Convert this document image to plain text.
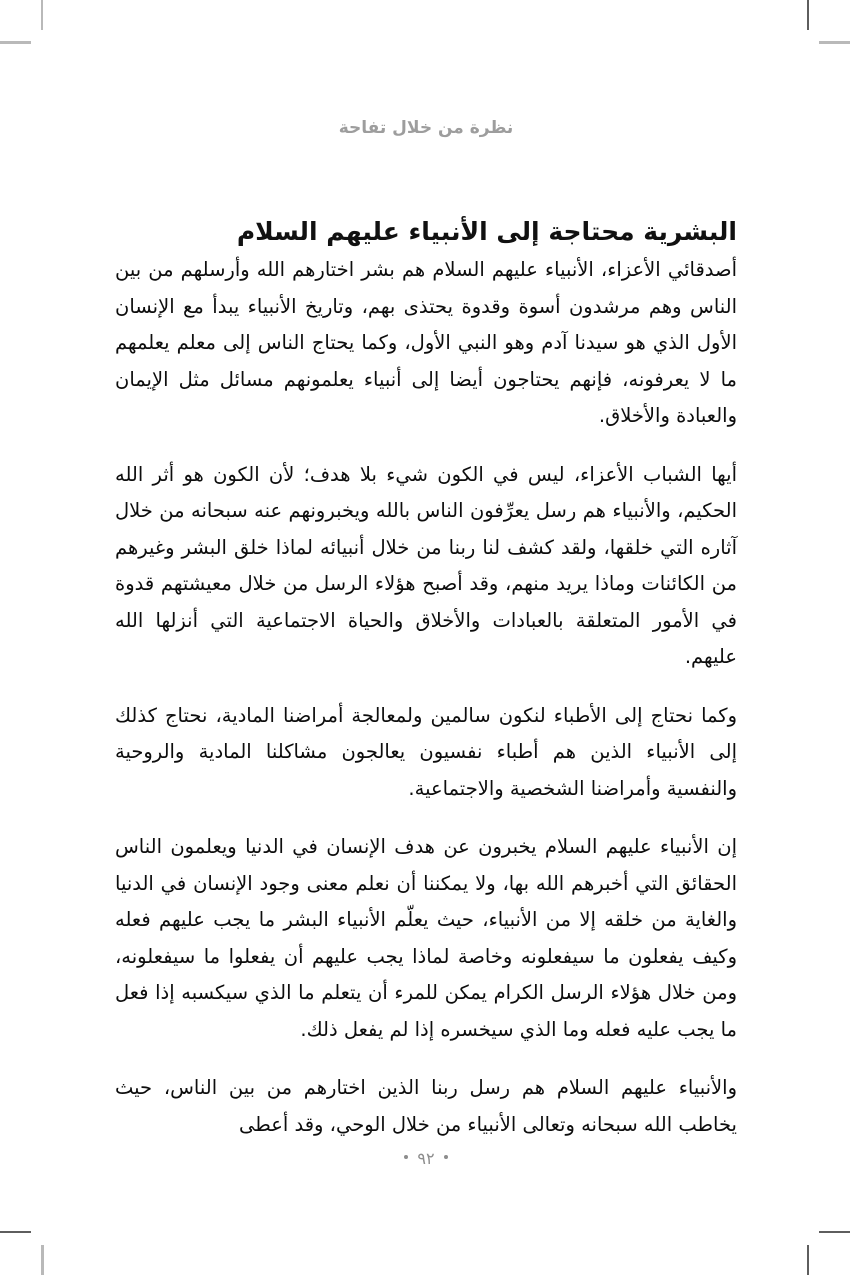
نظرة من خلال تفاحة
البشرية محتاجة إلى الأنبياء عليهم السلام

أصدقائي الأعزاء، الأنبياء عليهم السلام هم بشر اختارهم الله وأرسلهم من بين الناس وهم مرشدون أسوة وقدوة يحتذى بهم، وتاريخ الأنبياء يبدأ مع الإنسان الأول الذي هو سيدنا آدم وهو النبي الأول، وكما يحتاج الناس إلى معلم يعلمهم ما لا يعرفونه، فإنهم يحتاجون أيضا إلى أنبياء يعلمونهم مسائل مثل الإيمان والعبادة والأخلاق.

أيها الشباب الأعزاء، ليس في الكون شيء بلا هدف؛ لأن الكون هو أثر الله الحكيم، والأنبياء هم رسل يعرِّفون الناس بالله ويخبرونهم عنه سبحانه من خلال آثاره التي خلقها، ولقد كشف لنا ربنا من خلال أنبيائه لماذا خلق البشر وغيرهم من الكائنات وماذا يريد منهم، وقد أصبح هؤلاء الرسل من خلال معيشتهم قدوة في الأمور المتعلقة بالعبادات والأخلاق والحياة الاجتماعية التي أنزلها الله عليهم.

وكما نحتاج إلى الأطباء لنكون سالمين ولمعالجة أمراضنا المادية، نحتاج كذلك إلى الأنبياء الذين هم أطباء نفسيون يعالجون مشاكلنا المادية والروحية والنفسية وأمراضنا الشخصية والاجتماعية.

إن الأنبياء عليهم السلام يخبرون عن هدف الإنسان في الدنيا ويعلمون الناس الحقائق التي أخبرهم الله بها، ولا يمكننا أن نعلم معنى وجود الإنسان في الدنيا والغاية من خلقه إلا من الأنبياء، حيث يعلّم الأنبياء البشر ما يجب عليهم فعله وكيف يفعلون ما سيفعلونه وخاصة لماذا يجب عليهم أن يفعلوا ما سيفعلونه، ومن خلال هؤلاء الرسل الكرام يمكن للمرء أن يتعلم ما الذي سيكسبه إذا فعل ما يجب عليه فعله وما الذي سيخسره إذا لم يفعل ذلك.

والأنبياء عليهم السلام هم رسل ربنا الذين اختارهم من بين الناس، حيث يخاطب الله سبحانه وتعالى الأنبياء من خلال الوحي، وقد أعطى

٩٢
